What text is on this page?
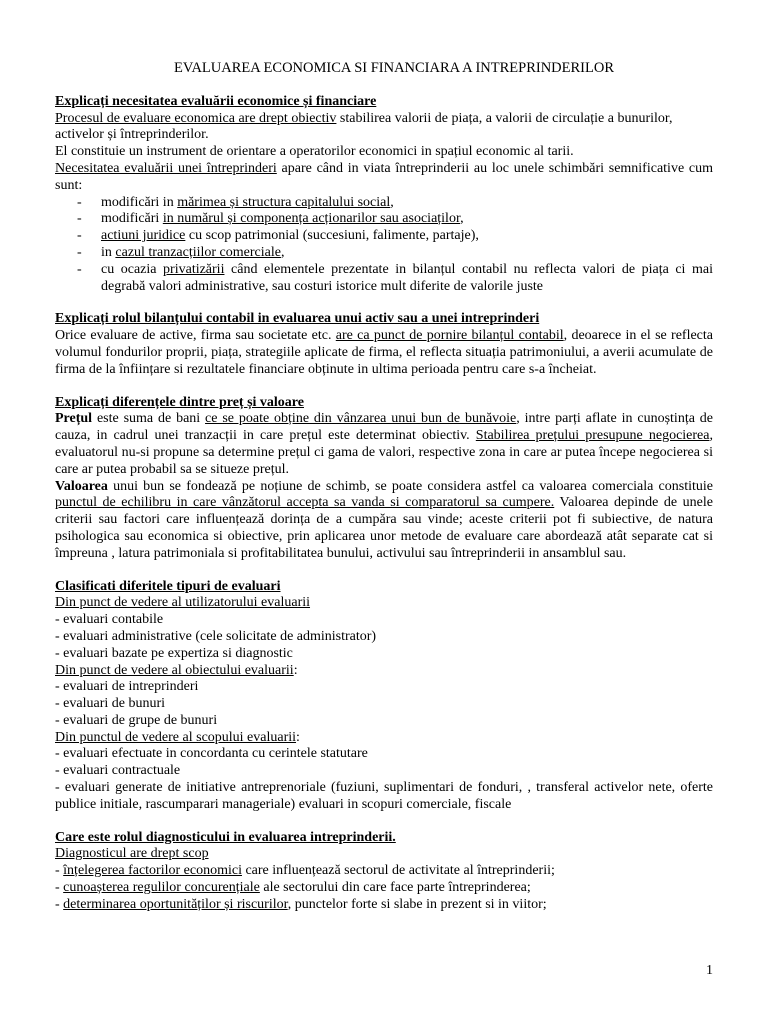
EVALUAREA ECONOMICA SI FINANCIARA A INTREPRINDERILOR
Explicați necesitatea evaluării economice și financiare

Procesul de evaluare economica are drept obiectiv stabilirea valorii de piața, a valorii de circulație a bunurilor, activelor și întreprinderilor.

El constituie un instrument de orientare a operatorilor economici in spațiul economic al tarii.

Necesitatea evaluării unei întreprinderi apare când in viata întreprinderii au loc unele schimbări semnificative cum sunt:

- modificări in mărimea și structura capitalului social,
- modificări in numărul și componența acționarilor sau asociaților,
- actiuni juridice cu scop patrimonial (succesiuni, falimente, partaje),
- in cazul tranzacțiilor comerciale,
- cu ocazia privatizării când elementele prezentate in bilanțul contabil nu reflecta valori de piața ci mai degrabă valori administrative, sau costuri istorice mult diferite de valorile juste
Explicați rolul bilanțului contabil in evaluarea unui activ sau a unei intreprinderi

Orice evaluare de active, firma sau societate etc. are ca punct de pornire bilanțul contabil, deoarece in el se reflecta volumul fondurilor proprii, piața, strategiile aplicate de firma, el reflecta situația patrimoniului, a averii acumulate de firma de la înființare si rezultatele financiare obținute in ultima perioada pentru care s-a încheiat.

Explicați diferențele dintre preț și valoare

Prețul este suma de bani ce se poate obține din vânzarea unui bun de bunăvoie, intre parți aflate in cunoștința de cauza, in cadrul unei tranzacții in care prețul este determinat obiectiv. Stabilirea prețului presupune negocierea, evaluatorul nu-si propune sa determine prețul ci gama de valori, respective zona in care ar putea începe negocierea si care ar putea probabil sa se situeze prețul.

Valoarea unui bun se fondează pe noțiune de schimb, se poate considera astfel ca valoarea comerciala constituie punctul de echilibru in care vânzătorul accepta sa vanda si comparatorul sa cumpere. Valoarea depinde de unele criterii sau factori care influențează dorința de a cumpăra sau vinde; aceste criterii pot fi subiective, de natura psihologica sau economica si obiective, prin aplicarea unor metode de evaluare care abordează atât separate cat si împreuna , latura patrimoniala si profitabilitatea bunului, activului sau întreprinderii in ansamblul sau.

Clasificati diferitele tipuri de evaluari
Din punct de vedere al utilizatorului evaluarii
- evaluari contabile
- evaluari administrative (cele solicitate de administrator)
- evaluari bazate pe expertiza si diagnostic
Din punct de vedere al obiectului evaluarii:
- evaluari de intreprinderi
- evaluari de bunuri
- evaluari de grupe de bunuri
Din punctul de vedere al scopului evaluarii:
- evaluari efectuate in concordanta cu cerintele statutare
- evaluari contractuale
- evaluari generate de initiative antreprenoriale (fuziuni, suplimentari de fonduri, , transferal activelor nete, oferte publice initiale, rascumparari manageriale) evaluari in scopuri comerciale, fiscale
Care este rolul diagnosticului in evaluarea intreprinderii.
Diagnosticul are drept scop
- înțelegerea factorilor economici care influențează sectorul de activitate al întreprinderii;
- cunoașterea regulilor concurențiale ale sectorului din care face parte întreprinderea;
- determinarea oportunităților și riscurilor, punctelor forte si slabe in prezent si in viitor;
1
